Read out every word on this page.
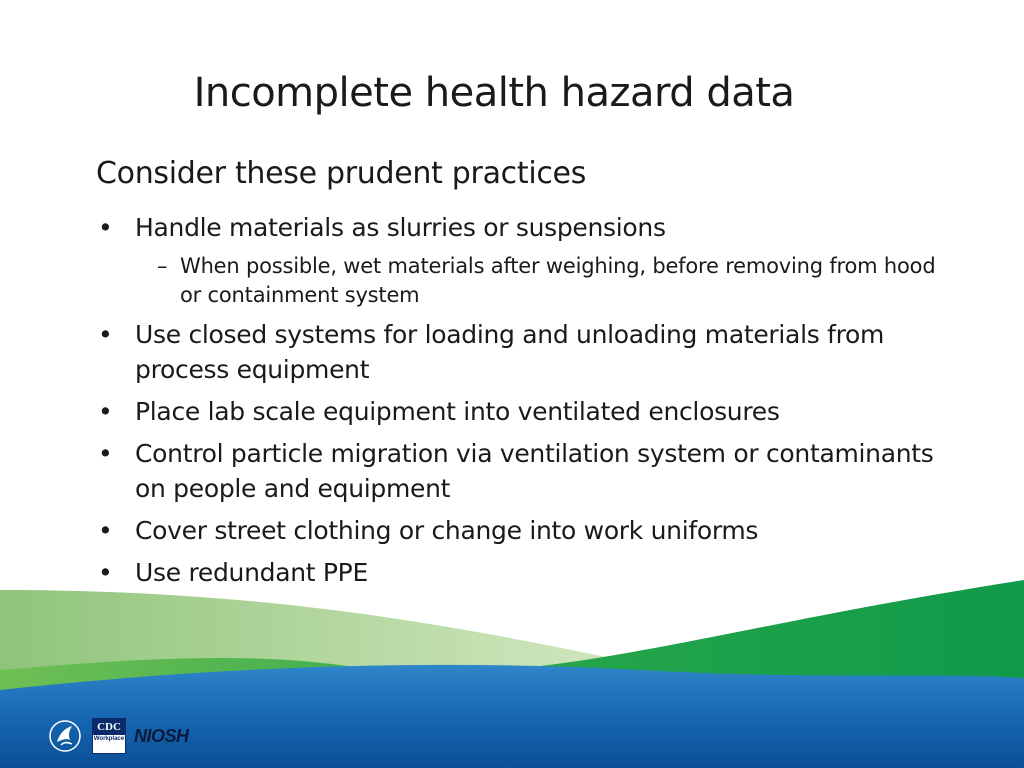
Incomplete health hazard data
Consider these prudent practices
• Handle materials as slurries or suspensions
– When possible, wet materials after weighing, before removing from hood or containment system
• Use closed systems for loading and unloading materials from process equipment
• Place lab scale equipment into ventilated enclosures
• Control particle migration via ventilation system or contaminants on people and equipment
• Cover street clothing or change into work uniforms
• Use redundant PPE
CDC
Workplace NIOSH
